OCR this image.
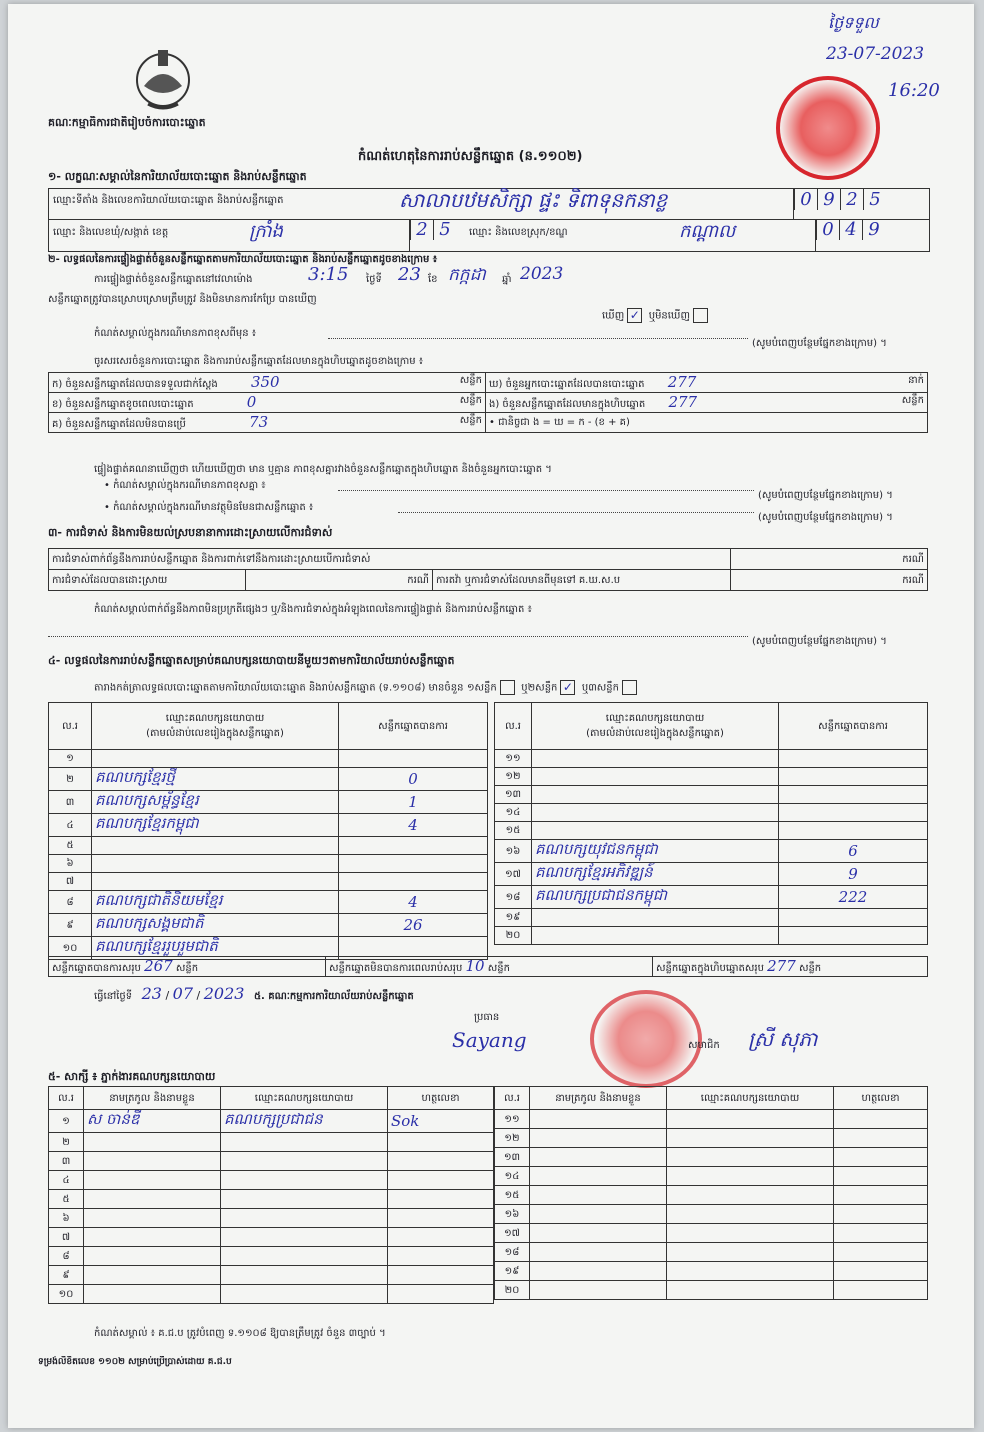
គណៈកម្មាធិការជាតិរៀបចំការបោះឆ្នោត
ថ្ងៃទទួល
23-07-2023
16:20
កំណត់ហេតុនៃការរាប់សន្លឹកឆ្នោត (ន.១១០២)
១- លក្ខណៈសម្គាល់នៃការិយាល័យបោះឆ្នោត និងរាប់សន្លឹកឆ្នោត
ឈ្មោះទីតាំង និងលេខការិយាល័យបោះឆ្នោត និងរាប់សន្លឹកឆ្នោត	សាលាបឋមសិក្សា ផ្ទះ ទិពាទុនកនាខ្ល	0 9 2 5
ឈ្មោះ និងលេខឃុំ/សង្កាត់ ខេត្ត	ក្រាំង	2 5	ឈ្មោះ និងលេខស្រុក/ខណ្ឌ	កណ្ដាល	0 4 9
២- លទ្ធផលនៃការផ្ទៀងផ្ទាត់ចំនួនសន្លឹកឆ្នោតតាមការិយាល័យបោះឆ្នោត និងរាប់សន្លឹកឆ្នោតដូចខាងក្រោម ៖
ការផ្ទៀងផ្ទាត់ចំនួនសន្លឹកឆ្នោតនៅវេលាម៉ោង	3:15 ថ្ងៃទី 23 ខែ កក្កដា ឆ្នាំ 2023
សន្លឹកឆ្នោតត្រូវបានស្រោបស្រោមត្រឹមត្រូវ និងមិនមានការកែប្រែ បានឃើញ
ឃើញ ✓ ឬមិនឃើញ
កំណត់សម្គាល់ក្នុងករណីមានភាពខុសពីមុន ៖
(សូមបំពេញបន្ថែមផ្នែកខាងក្រោម) ។
ចូរសរសេរចំនួនការបោះឆ្នោត និងការរាប់សន្លឹកឆ្នោតដែលមានក្នុងហិបឆ្នោតដូចខាងក្រោម ៖
ក) ចំនួនសន្លឹកឆ្នោតដែលបានទទួលជាក់ស្ដែង 350 សន្លឹក	ឃ) ចំនួនអ្នកបោះឆ្នោតដែលបានបោះឆ្នោត 277 នាក់

ខ) ចំនួនសន្លឹកឆ្នោតខូចពេលបោះឆ្នោត 0 សន្លឹក	ង) ចំនួនសន្លឹកឆ្នោតដែលមានក្នុងហិបឆ្នោត 277 សន្លឹក

គ) ចំនួនសន្លឹកឆ្នោតដែលមិនបានប្រើ 73 សន្លឹក	• ជានិច្ចជា ង = ឃ = ក - (ខ + គ)
ផ្ទៀងផ្ទាត់គណនាឃើញថា ហើយឃើញថា មាន ឬគ្មាន ភាពខុសគ្នារវាងចំនួនសន្លឹកឆ្នោតក្នុងហិបឆ្នោត និងចំនួនអ្នកបោះឆ្នោត ។
• កំណត់សម្គាល់ក្នុងករណីមានភាពខុសគ្នា ៖
(សូមបំពេញបន្ថែមផ្នែកខាងក្រោម) ។
• កំណត់សម្គាល់ក្នុងករណីមានវត្ថុមិនមែនជាសន្លឹកឆ្នោត ៖
(សូមបំពេញបន្ថែមផ្នែកខាងក្រោម) ។
៣- ការជំទាស់ និងការមិនយល់ស្របនានាការដោះស្រាយលើការជំទាស់
ការជំទាស់ពាក់ព័ន្ធនឹងការរាប់សន្លឹកឆ្នោត និងការពាក់ទៅនឹងការដោះស្រាយបើការជំទាស់			ករណី
ការជំទាស់ដែលបានដោះស្រាយ	ករណី	ការតវ៉ា ឬការជំទាស់ដែលមានពីមុនទៅ គ.ឃ.ស.ប	ករណី
កំណត់សម្គាល់ពាក់ព័ន្ធនឹងភាពមិនប្រក្រតីផ្សេងៗ ឬ/និងការជំទាស់ក្នុងអំឡុងពេលនៃការផ្ទៀងផ្ទាត់ និងការរាប់សន្លឹកឆ្នោត ៖
(សូមបំពេញបន្ថែមផ្នែកខាងក្រោម) ។
៤- លទ្ធផលនៃការរាប់សន្លឹកឆ្នោតសម្រាប់គណបក្សនយោបាយនីមួយៗតាមការិយាល័យរាប់សន្លឹកឆ្នោត
តារាងកត់ត្រាលទ្ធផលបោះឆ្នោតតាមការិយាល័យបោះឆ្នោត និងរាប់សន្លឹកឆ្នោត (ទ.១១០៨) មានចំនួន ១សន្លឹក ឬ២សន្លឹក ✓ ឬ៣សន្លឹក
ល.រ	ឈ្មោះគណបក្សនយោបាយ
(តាមលំដាប់លេខរៀងក្នុងសន្លឹកឆ្នោត)	សន្លឹកឆ្នោតបានការ
១		
២	គណបក្សខ្មែរថ្មី	0
៣	គណបក្សសម្ព័ន្ធខ្មែរ	1
៤	គណបក្សខ្មែរកម្ពុជា	4
៥		
៦		
៧		
៨	គណបក្សជាតិនិយមខ្មែរ	4
៩	គណបក្សសង្គមជាតិ	26
១០	គណបក្សខ្មែររួបរួមជាតិ	
ល.រ	ឈ្មោះគណបក្សនយោបាយ
(តាមលំដាប់លេខរៀងក្នុងសន្លឹកឆ្នោត)	សន្លឹកឆ្នោតបានការ
១១		
១២		
១៣		
១៤		
១៥		
១៦	គណបក្សយុវជនកម្ពុជា	6
១៧	គណបក្សខ្មែរអភិវឌ្ឍន៍	9
១៨	គណបក្សប្រជាជនកម្ពុជា	222
១៩		
២០		
សន្លឹកឆ្នោតបានការសរុប 267 សន្លឹក	សន្លឹកឆ្នោតមិនបានការពេលរាប់សរុប 10 សន្លឹក	សន្លឹកឆ្នោតក្នុងហិបឆ្នោតសរុប 277 សន្លឹក
ធ្វើនៅថ្ងៃទី 23 / 07 / 2023 ៥. គណៈកម្មការការិយាល័យរាប់សន្លឹកឆ្នោត
ប្រធាន
Sayang	សមាជិក ស្រី សុភា
៥- សាក្សី ៖ ភ្នាក់ងារគណបក្សនយោបាយ
ល.រ	នាមត្រកូល និងនាមខ្លួន	ឈ្មោះគណបក្សនយោបាយ	ហត្ថលេខា
១	ស ចាន់ឌី	គណបក្សប្រជាជន	Sok
២			
៣			
៤			
៥			
៦			
៧			
៨			
៩			
១០			
ល.រ	នាមត្រកូល និងនាមខ្លួន	ឈ្មោះគណបក្សនយោបាយ	ហត្ថលេខា
១១			
១២			
១៣			
១៤			
១៥			
១៦			
១៧			
១៨			
១៩			
២០			
កំណត់សម្គាល់ ៖ គ.ជ.ប ត្រូវបំពេញ ទ.១១០៨ ឱ្យបានត្រឹមត្រូវ ចំនួន ៣ច្បាប់ ។
ទម្រង់លិខិតលេខ ១១០២ សម្រាប់ប្រើប្រាស់ដោយ គ.ជ.ប
